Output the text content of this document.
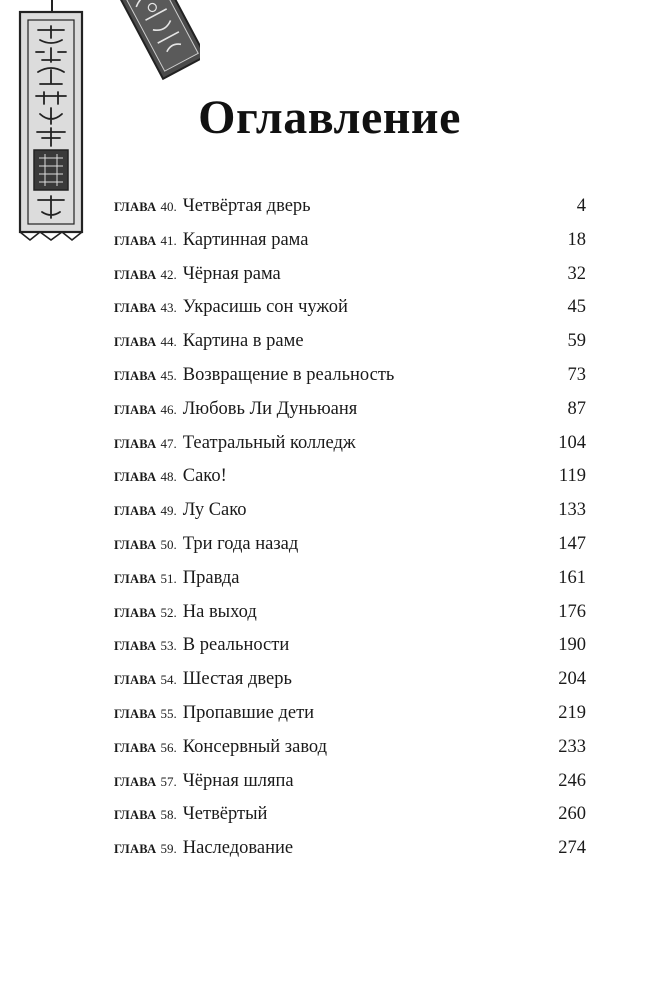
Оглавление
ГЛАВА 40. Четвёртая дверь	4
ГЛАВА 41. Картинная рама	18
ГЛАВА 42. Чёрная рама	32
ГЛАВА 43. Украсишь сон чужой	45
ГЛАВА 44. Картина в раме	59
ГЛАВА 45. Возвращение в реальность	73
ГЛАВА 46. Любовь Ли Дуньюаня	87
ГЛАВА 47. Театральный колледж	104
ГЛАВА 48. Сако!	119
ГЛАВА 49. Лу Сако	133
ГЛАВА 50. Три года назад	147
ГЛАВА 51. Правда	161
ГЛАВА 52. На выход	176
ГЛАВА 53. В реальности	190
ГЛАВА 54. Шестая дверь	204
ГЛАВА 55. Пропавшие дети	219
ГЛАВА 56. Консервный завод	233
ГЛАВА 57. Чёрная шляпа	246
ГЛАВА 58. Четвёртый	260
ГЛАВА 59. Наследование	274
